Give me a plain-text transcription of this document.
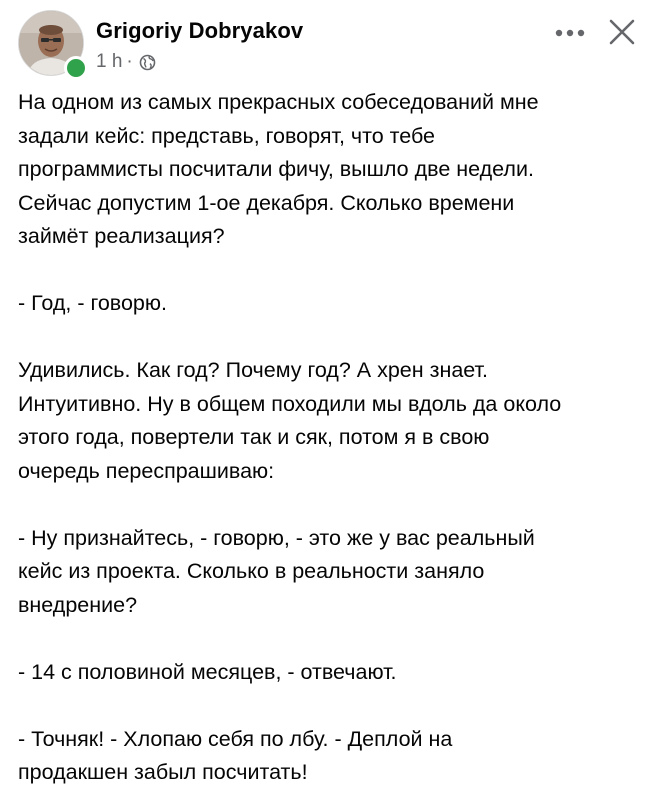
Grigoriy Dobryakov
1 h ·

На одном из самых прекрасных собеседований мне
задали кейс: представь, говорят, что тебе
программисты посчитали фичу, вышло две недели.
Сейчас допустим 1-ое декабря. Сколько времени
займёт реализация?

- Год, - говорю.

Удивились. Как год? Почему год? А хрен знает.
Интуитивно. Ну в общем походили мы вдоль да около
этого года, повертели так и сяк, потом я в свою
очередь переспрашиваю:

- Ну признайтесь, - говорю, - это же у вас реальный
кейс из проекта. Сколько в реальности заняло
внедрение?

- 14 с половиной месяцев, - отвечают.

- Точняк! - Хлопаю себя по лбу. - Деплой на
продакшен забыл посчитать!
